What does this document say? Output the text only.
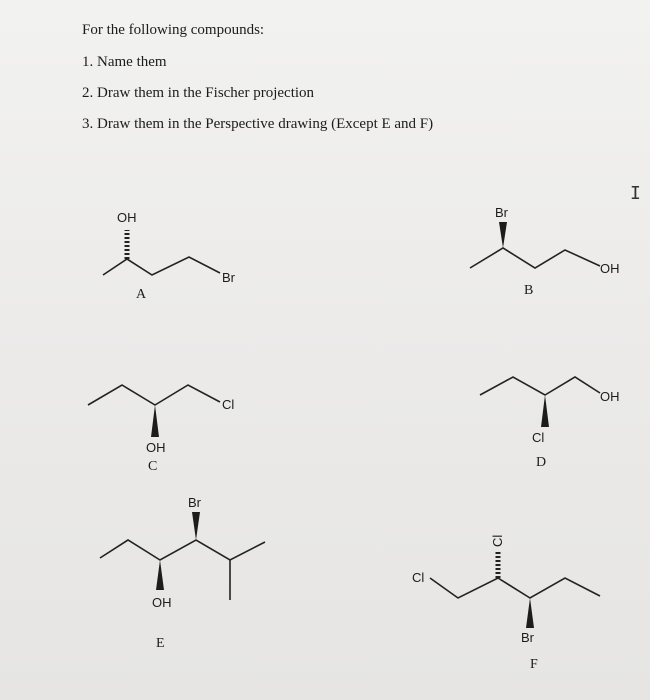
For the following compounds:
1. Name them
2. Draw them in the Fischer projection
3. Draw them in the Perspective drawing (Except E and F)
OH
Br
Br
OH
Cl
OH
OH
Cl
Br
OH
Cl
Cl
Br
A	B
C	D
E
F
I
